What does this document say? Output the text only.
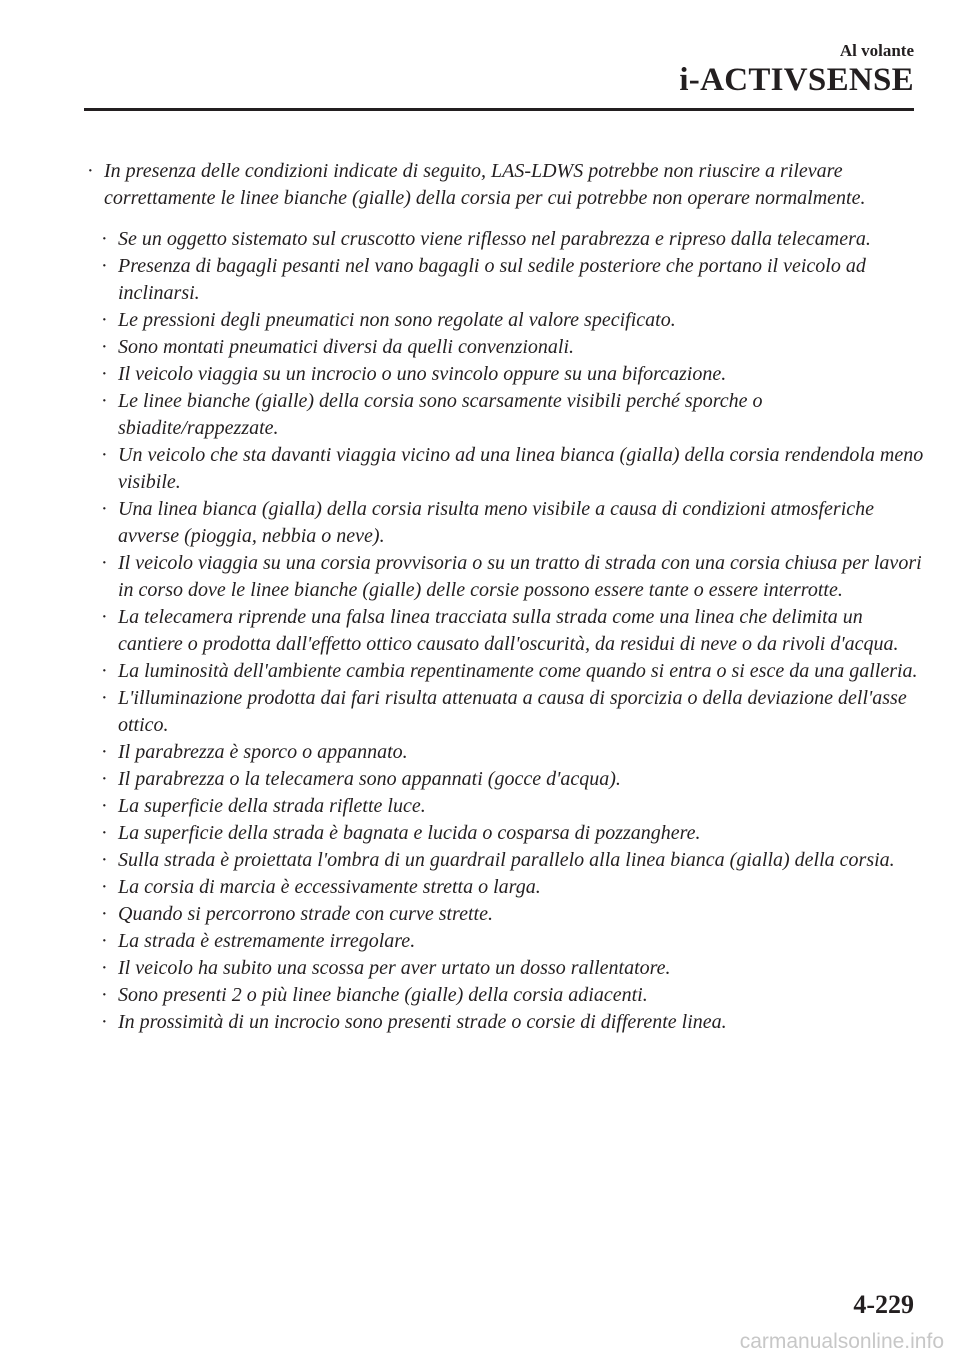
Al volante
i-ACTIVSENSE
· In presenza delle condizioni indicate di seguito, LAS-LDWS potrebbe non riuscire a rilevare correttamente le linee bianche (gialle) della corsia per cui potrebbe non operare normalmente.
· Se un oggetto sistemato sul cruscotto viene riflesso nel parabrezza e ripreso dalla telecamera.
· Presenza di bagagli pesanti nel vano bagagli o sul sedile posteriore che portano il veicolo ad inclinarsi.
· Le pressioni degli pneumatici non sono regolate al valore specificato.
· Sono montati pneumatici diversi da quelli convenzionali.
· Il veicolo viaggia su un incrocio o uno svincolo oppure su una biforcazione.
· Le linee bianche (gialle) della corsia sono scarsamente visibili perché sporche o sbiadite/rappezzate.
· Un veicolo che sta davanti viaggia vicino ad una linea bianca (gialla) della corsia rendendola meno visibile.
· Una linea bianca (gialla) della corsia risulta meno visibile a causa di condizioni atmosferiche avverse (pioggia, nebbia o neve).
· Il veicolo viaggia su una corsia provvisoria o su un tratto di strada con una corsia chiusa per lavori in corso dove le linee bianche (gialle) delle corsie possono essere tante o essere interrotte.
· La telecamera riprende una falsa linea tracciata sulla strada come una linea che delimita un cantiere o prodotta dall'effetto ottico causato dall'oscurità, da residui di neve o da rivoli d'acqua.
· La luminosità dell'ambiente cambia repentinamente come quando si entra o si esce da una galleria.
· L'illuminazione prodotta dai fari risulta attenuata a causa di sporcizia o della deviazione dell'asse ottico.
· Il parabrezza è sporco o appannato.
· Il parabrezza o la telecamera sono appannati (gocce d'acqua).
· La superficie della strada riflette luce.
· La superficie della strada è bagnata e lucida o cosparsa di pozzanghere.
· Sulla strada è proiettata l'ombra di un guardrail parallelo alla linea bianca (gialla) della corsia.
· La corsia di marcia è eccessivamente stretta o larga.
· Quando si percorrono strade con curve strette.
· La strada è estremamente irregolare.
· Il veicolo ha subito una scossa per aver urtato un dosso rallentatore.
· Sono presenti 2 o più linee bianche (gialle) della corsia adiacenti.
· In prossimità di un incrocio sono presenti strade o corsie di differente linea.
4-229
carmanualsonline.info
